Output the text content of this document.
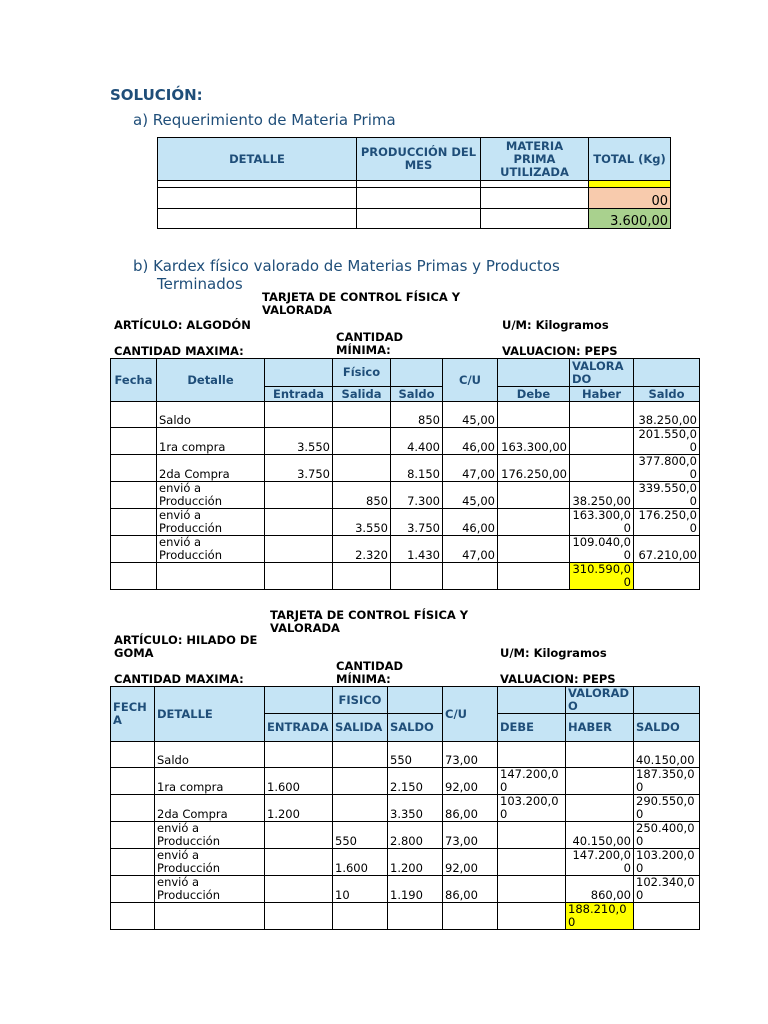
SOLUCIÓN:
a) Requerimiento de Materia Prima
DETALLE	PRODUCCIÓN DEL MES	MATERIA PRIMA UTILIZADA	TOTAL (Kg)

			00
			3.600,00
b) Kardex físico valorado de Materias Primas y Productos
Terminados
TARJETA DE CONTROL FÍSICA Y VALORADA
ARTÍCULO: ALGODÓN	U/M: Kilogramos
CANTIDAD MÍNIMA:
CANTIDAD MAXIMA:	VALUACION: PEPS
Fecha	Detalle		Físico		C/U		VALORADO	
		Entrada	Salida	Saldo		Debe	Haber	Saldo
	Saldo			850	45,00			38.250,00
	1ra compra	3.550		4.400	46,00	163.300,00		201.550,00
	2da Compra	3.750		8.150	47,00	176.250,00		377.800,00
	envió a Producción		850	7.300	45,00		38.250,00	339.550,00
	envió a Producción		3.550	3.750	46,00		163.300,00	176.250,00
	envió a Producción		2.320	1.430	47,00		109.040,00	67.210,00
							310.590,00	
TARJETA DE CONTROL FÍSICA Y VALORADA
ARTÍCULO: HILADO DE GOMA	U/M: Kilogramos
CANTIDAD MÍNIMA:
CANTIDAD MAXIMA:	VALUACION: PEPS
FECHA	DETALLE		FISICO		C/U		VALORADO	
		ENTRADA	SALIDA	SALDO		DEBE	HABER	SALDO
	Saldo			550	73,00			40.150,00
	1ra compra	1.600		2.150	92,00	147.200,00		187.350,00
	2da Compra	1.200		3.350	86,00	103.200,00		290.550,00
	envió a Producción		550	2.800	73,00		40.150,00	250.400,00
	envió a Producción		1.600	1.200	92,00		147.200,00	103.200,00
	envió a Producción		10	1.190	86,00		860,00	102.340,00
							188.210,00	
